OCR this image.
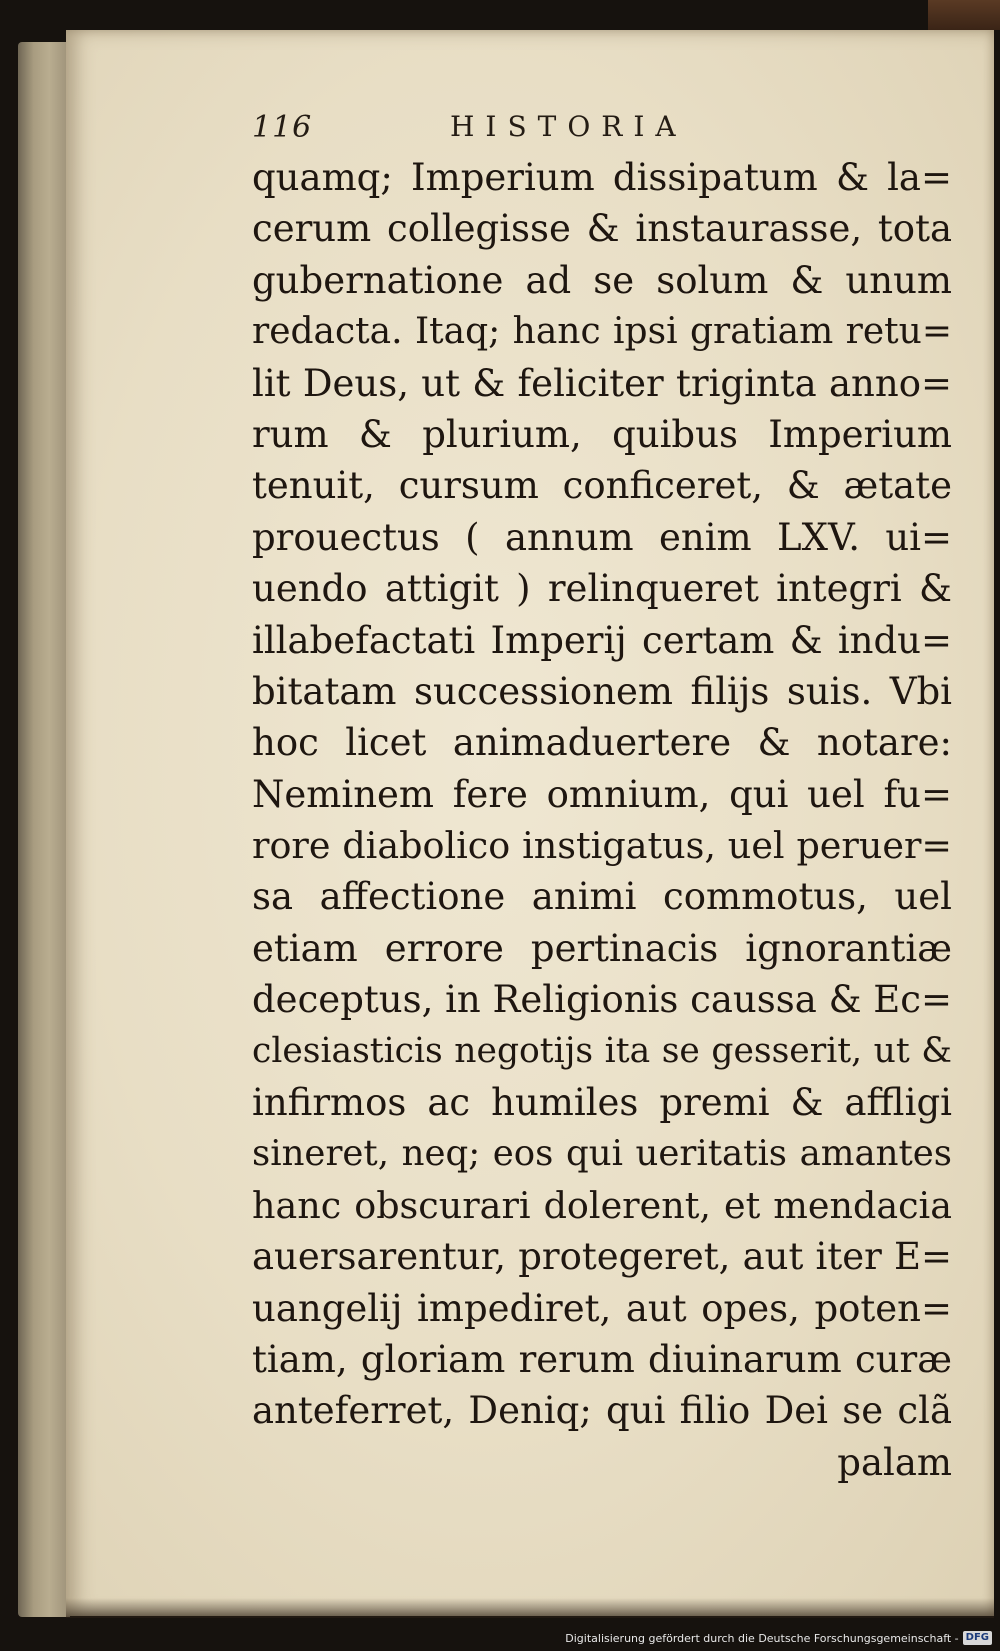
116	HISTORIA
quamq; Imperium dissipatum & la=
cerum collegisse & instaurasse, tota
gubernatione ad se solum & unum
redacta. Itaq; hanc ipsi gratiam retu=
lit Deus, ut & feliciter triginta anno=
rum & plurium, quibus Imperium
tenuit, cursum conficeret, & ætate
prouectus ( annum enim LXV. ui=
uendo attigit ) relinqueret integri &
illabefactati Imperij certam & indu=
bitatam successionem filijs suis. Vbi
hoc licet animaduertere & notare:
Neminem fere omnium, qui uel fu=
rore diabolico instigatus, uel peruer=
sa affectione animi commotus, uel
etiam errore pertinacis ignorantiæ
deceptus, in Religionis caussa & Ec=
clesiasticis negotijs ita se gesserit, ut &
infirmos ac humiles premi & affligi
sineret, neq; eos qui ueritatis amantes
hanc obscurari dolerent, et mendacia
auersarentur, protegeret, aut iter E=
uangelij impediret, aut opes, poten=
tiam, gloriam rerum diuinarum curæ
anteferret, Deniq; qui filio Dei se clã
palam
Digitalisierung gefördert durch die Deutsche Forschungsgemeinschaft - DFG
